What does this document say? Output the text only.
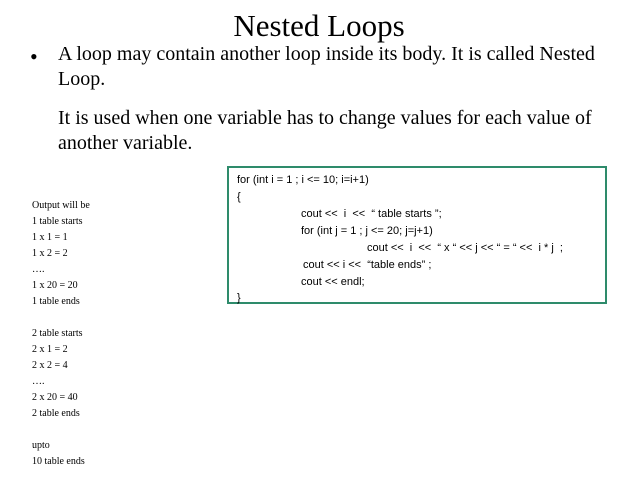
Nested Loops
• A loop may contain another loop inside its body. It is called Nested Loop.
It is used when one variable has to change values for each value of another variable.
Output will be
1 table starts
1 x 1 = 1
1 x 2 = 2
….
1 x 20 = 20
1 table ends
2 table starts
2 x 1 = 2
2 x 2 = 4
….
2 x 20 = 40
2 table ends
upto
10 table ends
for (int i = 1 ; i <= 10; i=i+1)
{
cout <<  i  <<  “ table starts ”;
for (int j = 1 ; j <= 20; j=j+1)
cout <<  i  <<  “ x “ << j << “ = “ <<  i * j  ;
cout << i <<  “table ends” ;
cout << endl;
}
